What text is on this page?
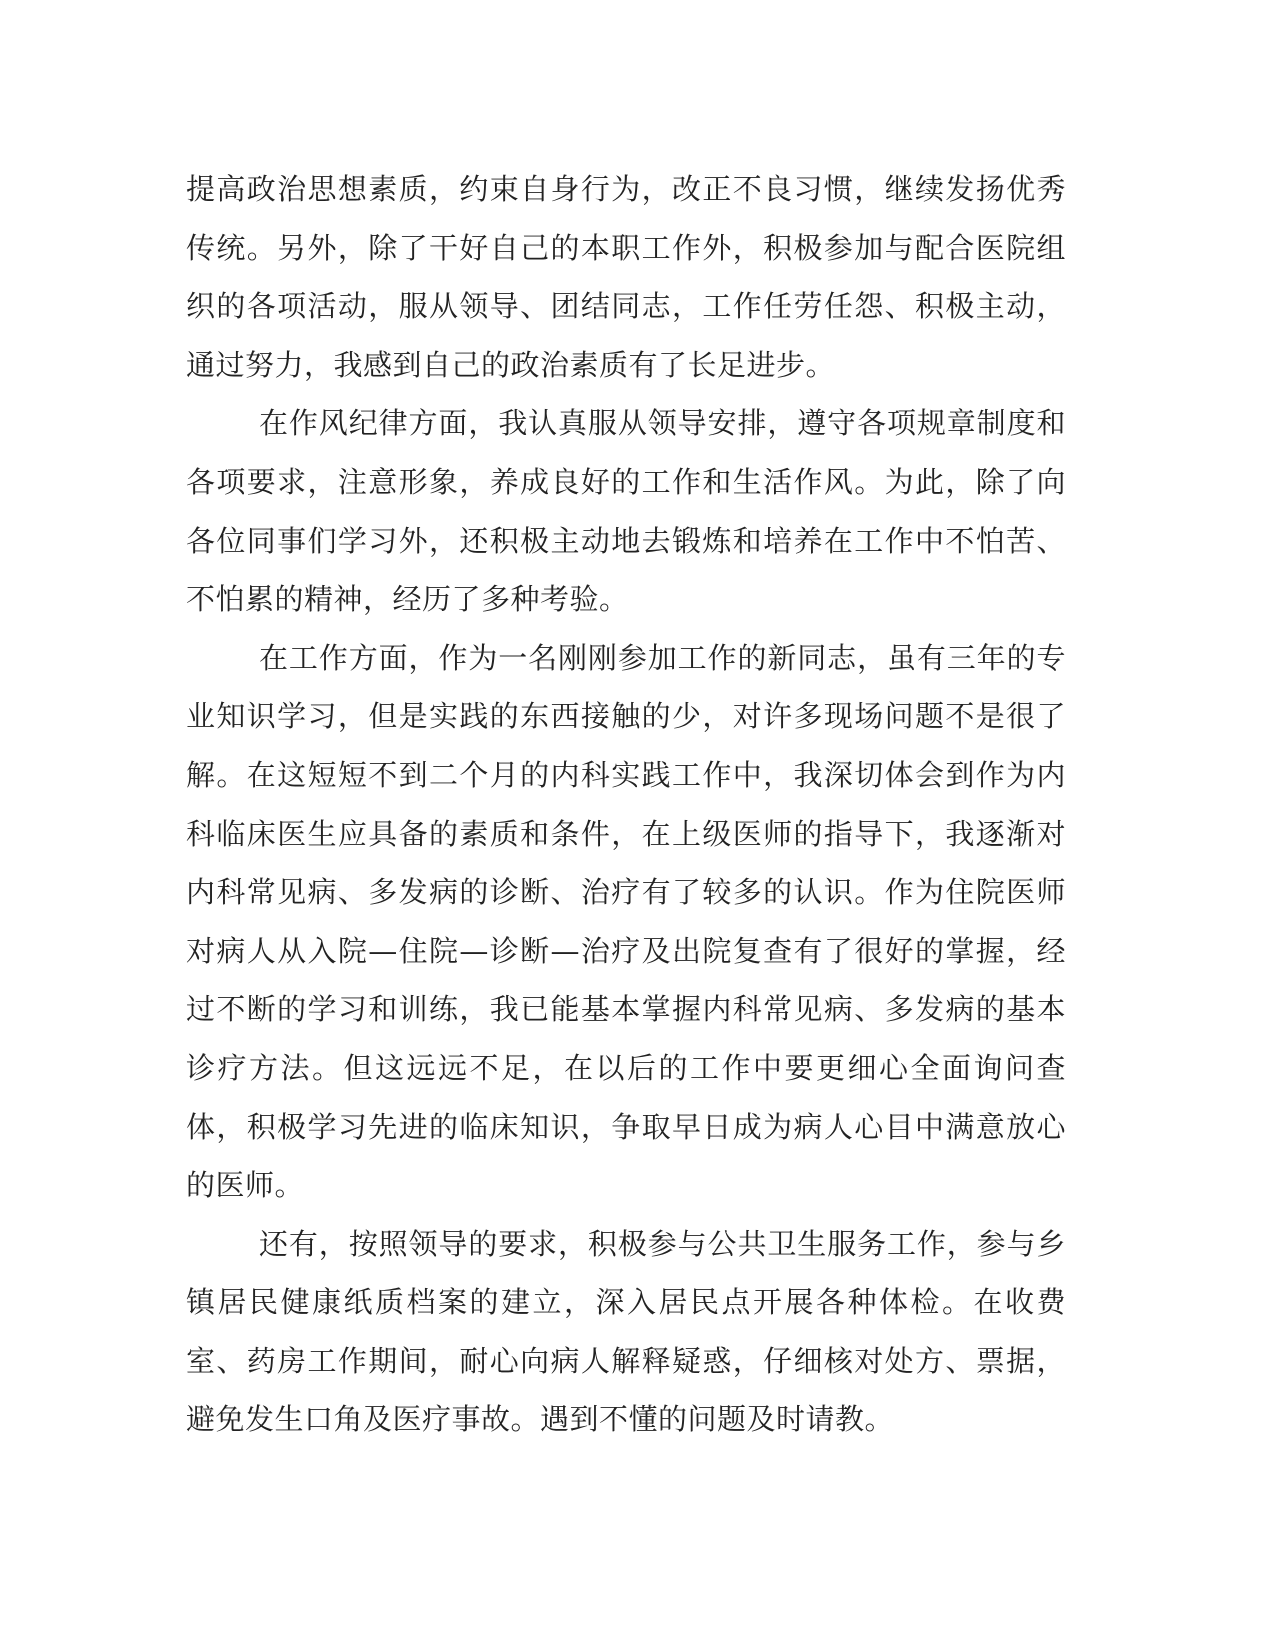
提高政治思想素质，约束自身行为，改正不良习惯，继续发扬优秀传统。另外，除了干好自己的本职工作外，积极参加与配合医院组织的各项活动，服从领导、团结同志，工作任劳任怨、积极主动，通过努力，我感到自己的政治素质有了长足进步。

在作风纪律方面，我认真服从领导安排，遵守各项规章制度和各项要求，注意形象，养成良好的工作和生活作风。为此，除了向各位同事们学习外，还积极主动地去锻炼和培养在工作中不怕苦、不怕累的精神，经历了多种考验。

在工作方面，作为一名刚刚参加工作的新同志，虽有三年的专业知识学习，但是实践的东西接触的少，对许多现场问题不是很了解。在这短短不到二个月的内科实践工作中，我深切体会到作为内科临床医生应具备的素质和条件，在上级医师的指导下，我逐渐对内科常见病、多发病的诊断、治疗有了较多的认识。作为住院医师对病人从入院—住院—诊断—治疗及出院复查有了很好的掌握，经过不断的学习和训练，我已能基本掌握内科常见病、多发病的基本诊疗方法。但这远远不足，在以后的工作中要更细心全面询问查体，积极学习先进的临床知识，争取早日成为病人心目中满意放心的医师。

还有，按照领导的要求，积极参与公共卫生服务工作，参与乡镇居民健康纸质档案的建立，深入居民点开展各种体检。在收费室、药房工作期间，耐心向病人解释疑惑，仔细核对处方、票据，避免发生口角及医疗事故。遇到不懂的问题及时请教。
